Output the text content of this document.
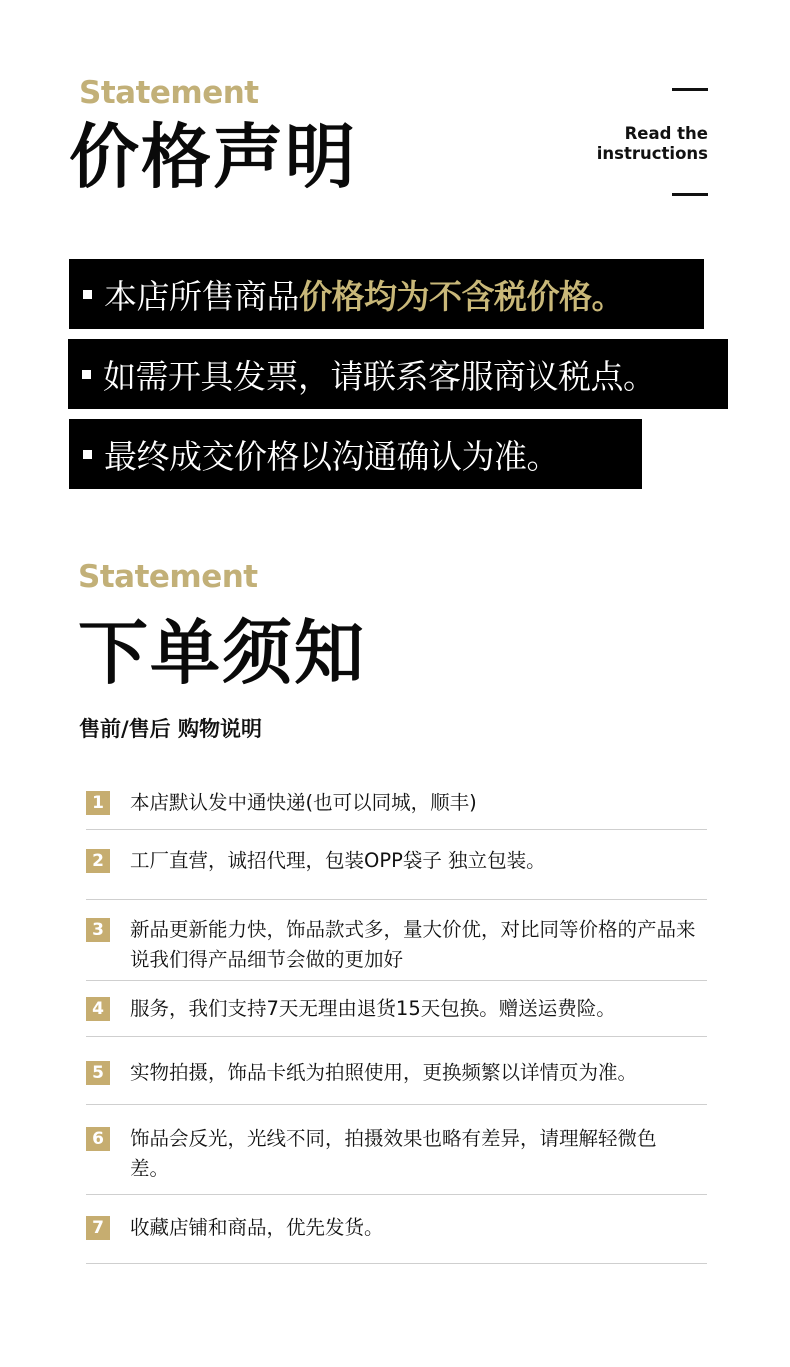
Statement
价格声明	Read the
instructions
本店所售商品价格均为不含税价格。
如需开具发票，请联系客服商议税点。
最终成交价格以沟通确认为准。
Statement
下单须知
售前/售后 购物说明
1	本店默认发中通快递(也可以同城，顺丰)
2	工厂直营，诚招代理，包装OPP袋子 独立包装。
3	新品更新能力快，饰品款式多，量大价优，对比同等价格的产品来说我们得产品细节会做的更加好
4	服务，我们支持7天无理由退货15天包换。赠送运费险。
5	实物拍摄，饰品卡纸为拍照使用，更换频繁以详情页为准。
6	饰品会反光，光线不同，拍摄效果也略有差异，请理解轻微色差。
7	收藏店铺和商品，优先发货。
